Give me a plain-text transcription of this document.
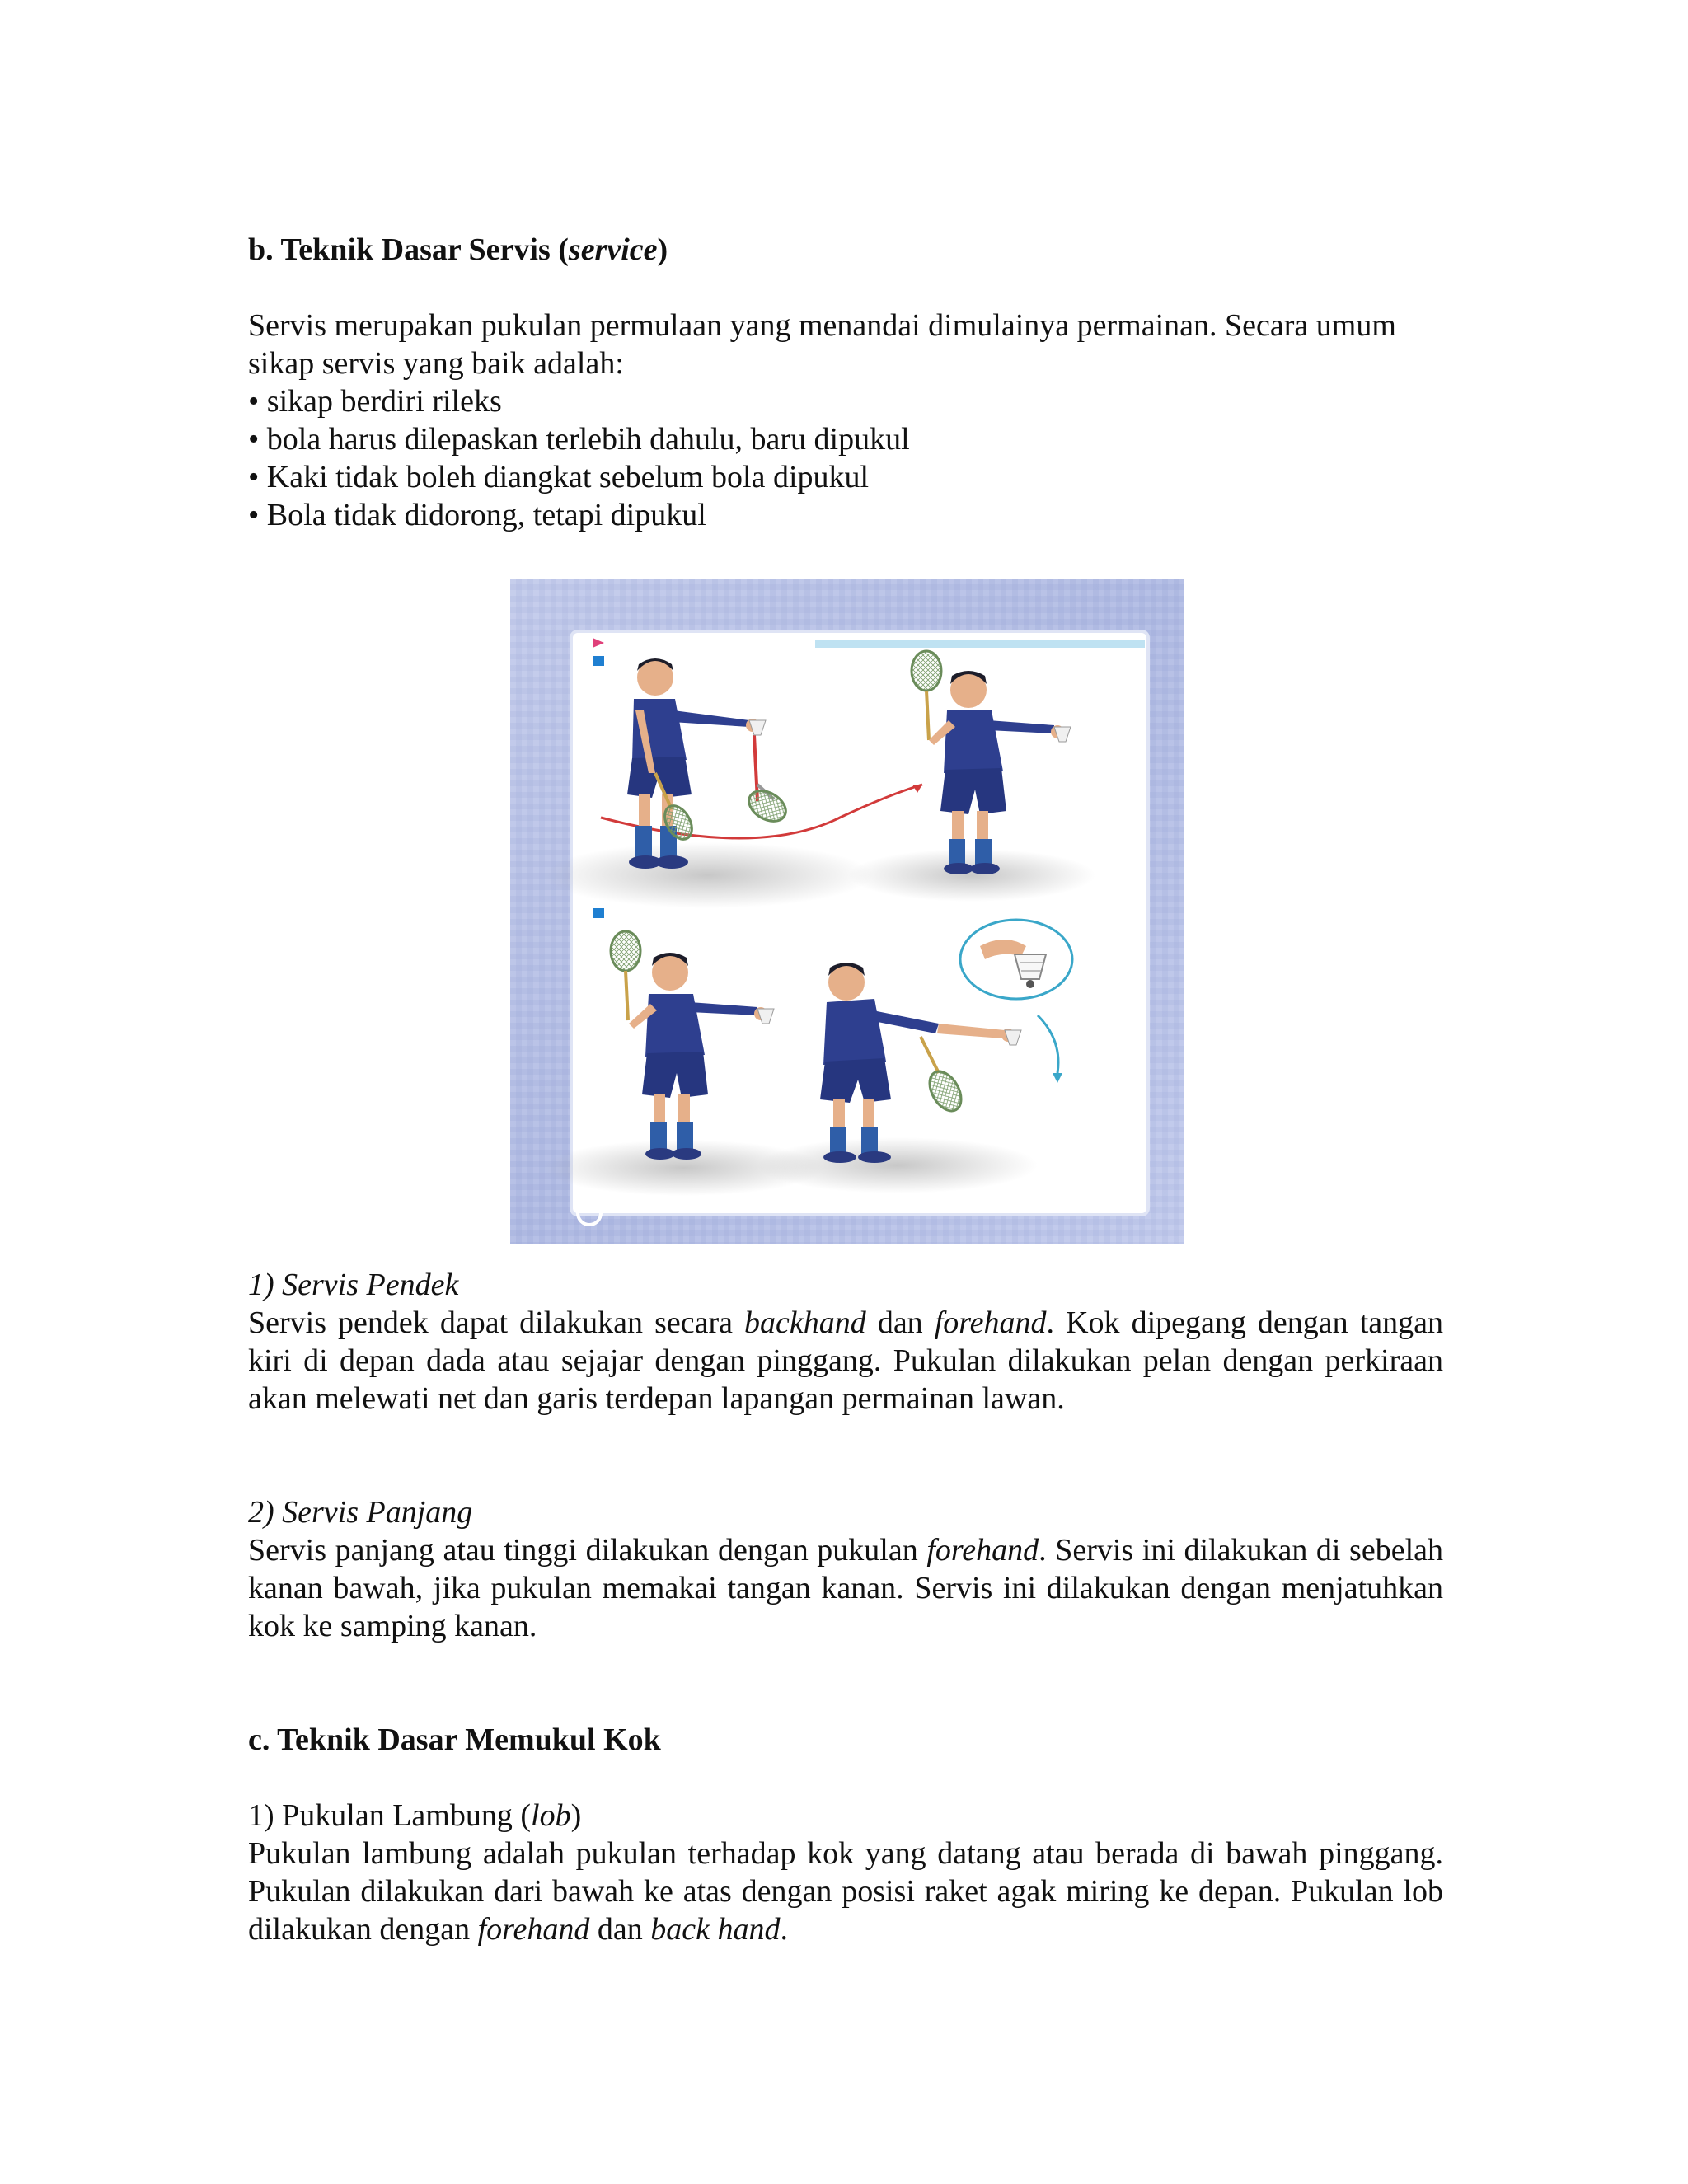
b. Teknik Dasar Servis (service)

Servis merupakan pukulan permulaan yang menandai dimulainya permainan. Secara umum sikap servis yang baik adalah:

• sikap berdiri rileks
• bola harus dilepaskan terlebih dahulu, baru dipukul
• Kaki tidak boleh diangkat sebelum bola dipukul
• Bola tidak didorong, tetapi dipukul

1) Servis Pendek

Servis pendek dapat dilakukan secara backhand dan forehand. Kok dipegang dengan tangan kiri di depan dada atau sejajar dengan pinggang. Pukulan dilakukan pelan dengan perkiraan akan melewati net dan garis terdepan lapangan permainan lawan.

2) Servis Panjang

Servis panjang atau tinggi dilakukan dengan pukulan forehand. Servis ini dilakukan di sebelah kanan bawah, jika pukulan memakai tangan kanan. Servis ini dilakukan dengan menjatuhkan kok ke samping kanan.

c. Teknik Dasar Memukul Kok

1) Pukulan Lambung (lob)

Pukulan lambung adalah pukulan terhadap kok yang datang atau berada di bawah pinggang. Pukulan dilakukan dari bawah ke atas dengan posisi raket agak miring ke depan. Pukulan lob dilakukan dengan forehand dan back hand.
